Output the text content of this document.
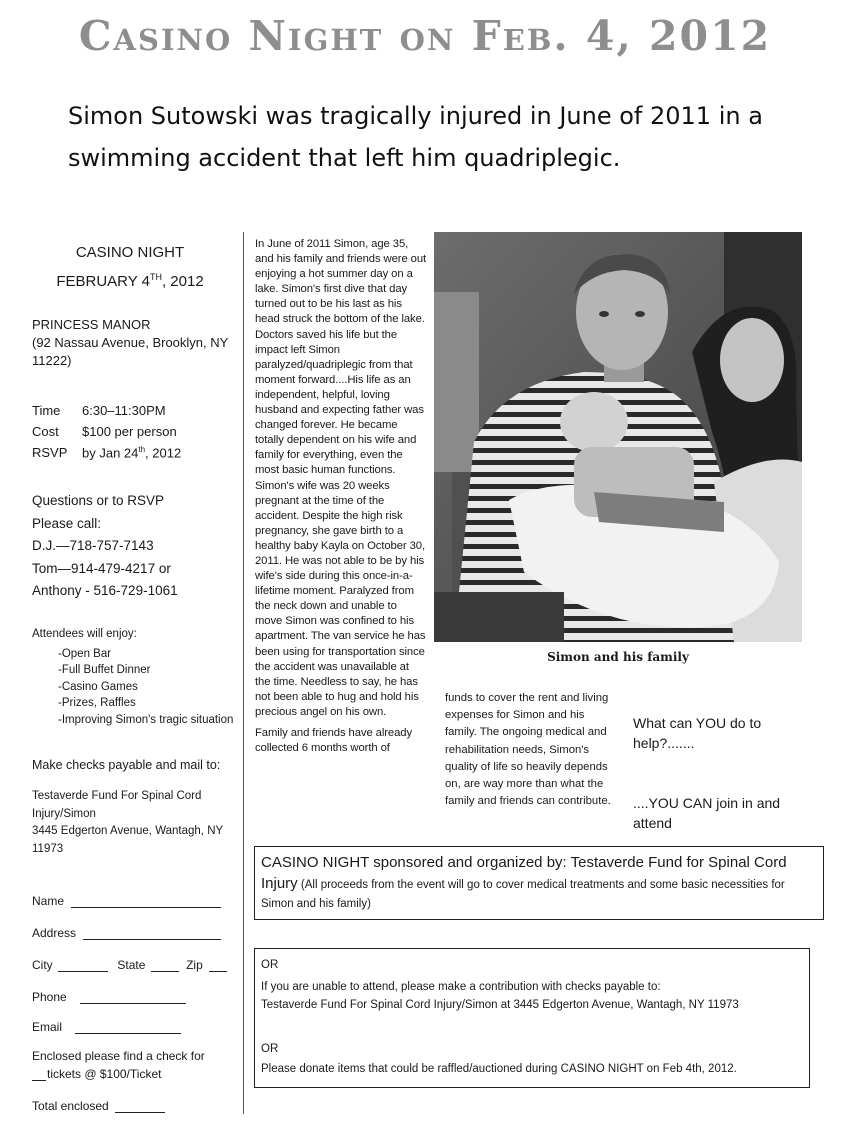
Casino Night on Feb. 4, 2012
Simon Sutowski was tragically injured in June of 2011 in a swimming accident that left him quadriplegic.
CASINO NIGHT
FEBRUARY 4TH, 2012
PRINCESS MANOR
(92 Nassau Avenue, Brooklyn, NY 11222)
Time	6:30–11:30PM
Cost	$100 per person
RSVP	by Jan 24th, 2012
Questions or to RSVP
Please call:
D.J.—718-757-7143
Tom—914-479-4217 or
Anthony - 516-729-1061
Attendees will enjoy:
-Open Bar
-Full Buffet Dinner
-Casino Games
-Prizes, Raffles
-Improving Simon's tragic situation
Make checks payable and mail to:
Testaverde Fund For Spinal Cord Injury/Simon
3445 Edgerton Avenue, Wantagh, NY 11973
Name
Address
City	State	Zip
Phone
Email
Enclosed please find a check for
tickets @ $100/Ticket
Total enclosed

In June of 2011 Simon, age 35, and his family and friends were out enjoying a hot summer day on a lake. Simon's first dive that day turned out to be his last as his head struck the bottom of the lake. Doctors saved his life but the impact left Simon paralyzed/quadriplegic from that moment forward....His life as an independent, helpful, loving husband and expecting father was changed forever. He became totally dependent on his wife and family for everything, even the most basic human functions. Simon's wife was 20 weeks pregnant at the time of the accident. Despite the high risk pregnancy, she gave birth to a healthy baby Kayla on October 30, 2011. He was not able to be by his wife's side during this once-in-a-lifetime moment. Paralyzed from the neck down and unable to move Simon was confined to his apartment. The van service he has been using for transportation since the accident was unavailable at the time. Needless to say, he has not been able to hug and hold his precious angel on his own.

Family and friends have already collected 6 months worth of

Simon and his family
funds to cover the rent and living expenses for Simon and his family. The ongoing medical and rehabilitation needs, Simon's quality of life so heavily depends on, are way more than what the family and friends can contribute.
What can YOU do to help?.......
....YOU CAN join in and attend
CASINO NIGHT sponsored and organized by: Testaverde Fund for Spinal Cord Injury (All proceeds from the event will go to cover medical treatments and some basic necessities for Simon and his family)
OR
If you are unable to attend, please make a contribution with checks payable to:
Testaverde Fund For Spinal Cord Injury/Simon at 3445 Edgerton Avenue, Wantagh, NY 11973
OR
Please donate items that could be raffled/auctioned during CASINO NIGHT on Feb 4th, 2012.
